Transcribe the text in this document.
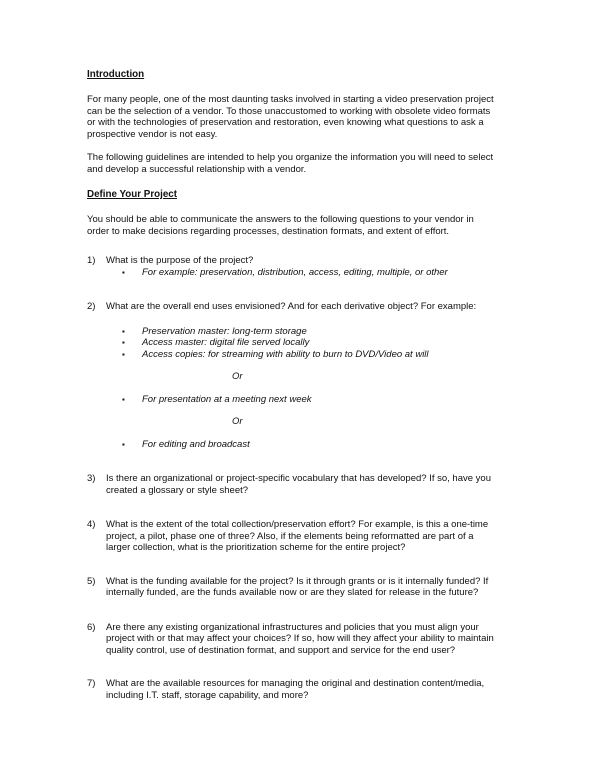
Introduction

For many people, one of the most daunting tasks involved in starting a video preservation project
can be the selection of a vendor. To those unaccustomed to working with obsolete video formats
or with the technologies of preservation and restoration, even knowing what questions to ask a
prospective vendor is not easy.

The following guidelines are intended to help you organize the information you will need to select
and develop a successful relationship with a vendor.

Define Your Project

You should be able to communicate the answers to the following questions to your vendor in
order to make decisions regarding processes, destination formats, and extent of effort.

1) What is the purpose of the project?
▪ For example: preservation, distribution, access, editing, multiple, or other
2) What are the overall end uses envisioned? And for each derivative object? For example:
▪ Preservation master: long-term storage
▪ Access master: digital file served locally
▪ Access copies: for streaming with ability to burn to DVD/Video at will
Or
▪ For presentation at a meeting next week
Or
▪ For editing and broadcast
3) Is there an organizational or project-specific vocabulary that has developed? If so, have you
created a glossary or style sheet?
4) What is the extent of the total collection/preservation effort? For example, is this a one-time
project, a pilot, phase one of three? Also, if the elements being reformatted are part of a
larger collection, what is the prioritization scheme for the entire project?
5) What is the funding available for the project? Is it through grants or is it internally funded? If
internally funded, are the funds available now or are they slated for release in the future?
6) Are there any existing organizational infrastructures and policies that you must align your
project with or that may affect your choices? If so, how will they affect your ability to maintain
quality control, use of destination format, and support and service for the end user?
7) What are the available resources for managing the original and destination content/media,
including I.T. staff, storage capability, and more?
